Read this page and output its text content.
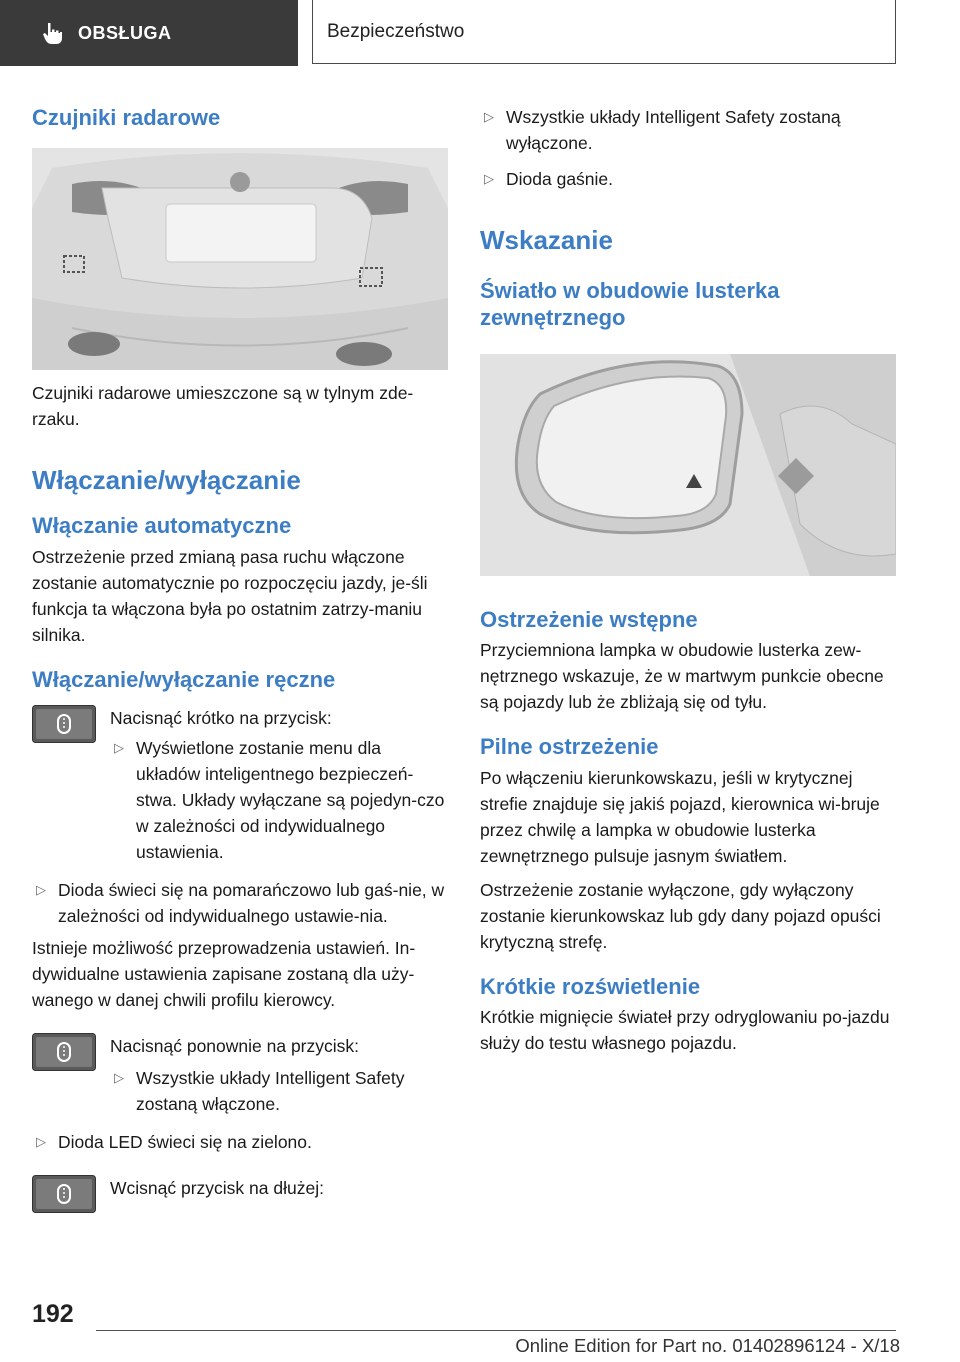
OBSŁUGA	Bezpieczeństwo
Czujniki radarowe

Czujniki radarowe umieszczone są w tylnym zde-rzaku.

Włączanie/wyłączanie
Włączanie automatyczne

Ostrzeżenie przed zmianą pasa ruchu włączone zostanie automatycznie po rozpoczęciu jazdy, je-śli funkcja ta włączona była po ostatnim zatrzy-maniu silnika.

Włączanie/wyłączanie ręczne

Nacisnąć krótko na przycisk:

▷ Wyświetlone zostanie menu dla układów inteligentnego bezpieczeń-stwa. Układy wyłączane są pojedyn-czo w zależności od indywidualnego ustawienia.

▷ Dioda świeci się na pomarańczowo lub gaś-nie, w zależności od indywidualnego ustawie-nia.

Istnieje możliwość przeprowadzenia ustawień. In-dywidualne ustawienia zapisane zostaną dla uży-wanego w danej chwili profilu kierowcy.

Nacisnąć ponownie na przycisk:

▷ Wszystkie układy Intelligent Safety zostaną włączone.

▷ Dioda LED świeci się na zielono.

Wcisnąć przycisk na dłużej:

▷ Wszystkie układy Intelligent Safety zostaną wyłączone.

▷ Dioda gaśnie.

Wskazanie
Światło w obudowie lusterka zewnętrznego
Ostrzeżenie wstępne

Przyciemniona lampka w obudowie lusterka zew-nętrznego wskazuje, że w martwym punkcie obecne są pojazdy lub że zbliżają się od tyłu.

Pilne ostrzeżenie

Po włączeniu kierunkowskazu, jeśli w krytycznej strefie znajduje się jakiś pojazd, kierownica wi-bruje przez chwilę a lampka w obudowie lusterka zewnętrznego pulsuje jasnym światłem.

Ostrzeżenie zostanie wyłączone, gdy wyłączony zostanie kierunkowskaz lub gdy dany pojazd opuści krytyczną strefę.

Krótkie rozświetlenie

Krótkie mignięcie świateł przy odryglowaniu po-jazdu służy do testu własnego pojazdu.

192
Online Edition for Part no. 01402896124 - X/18
